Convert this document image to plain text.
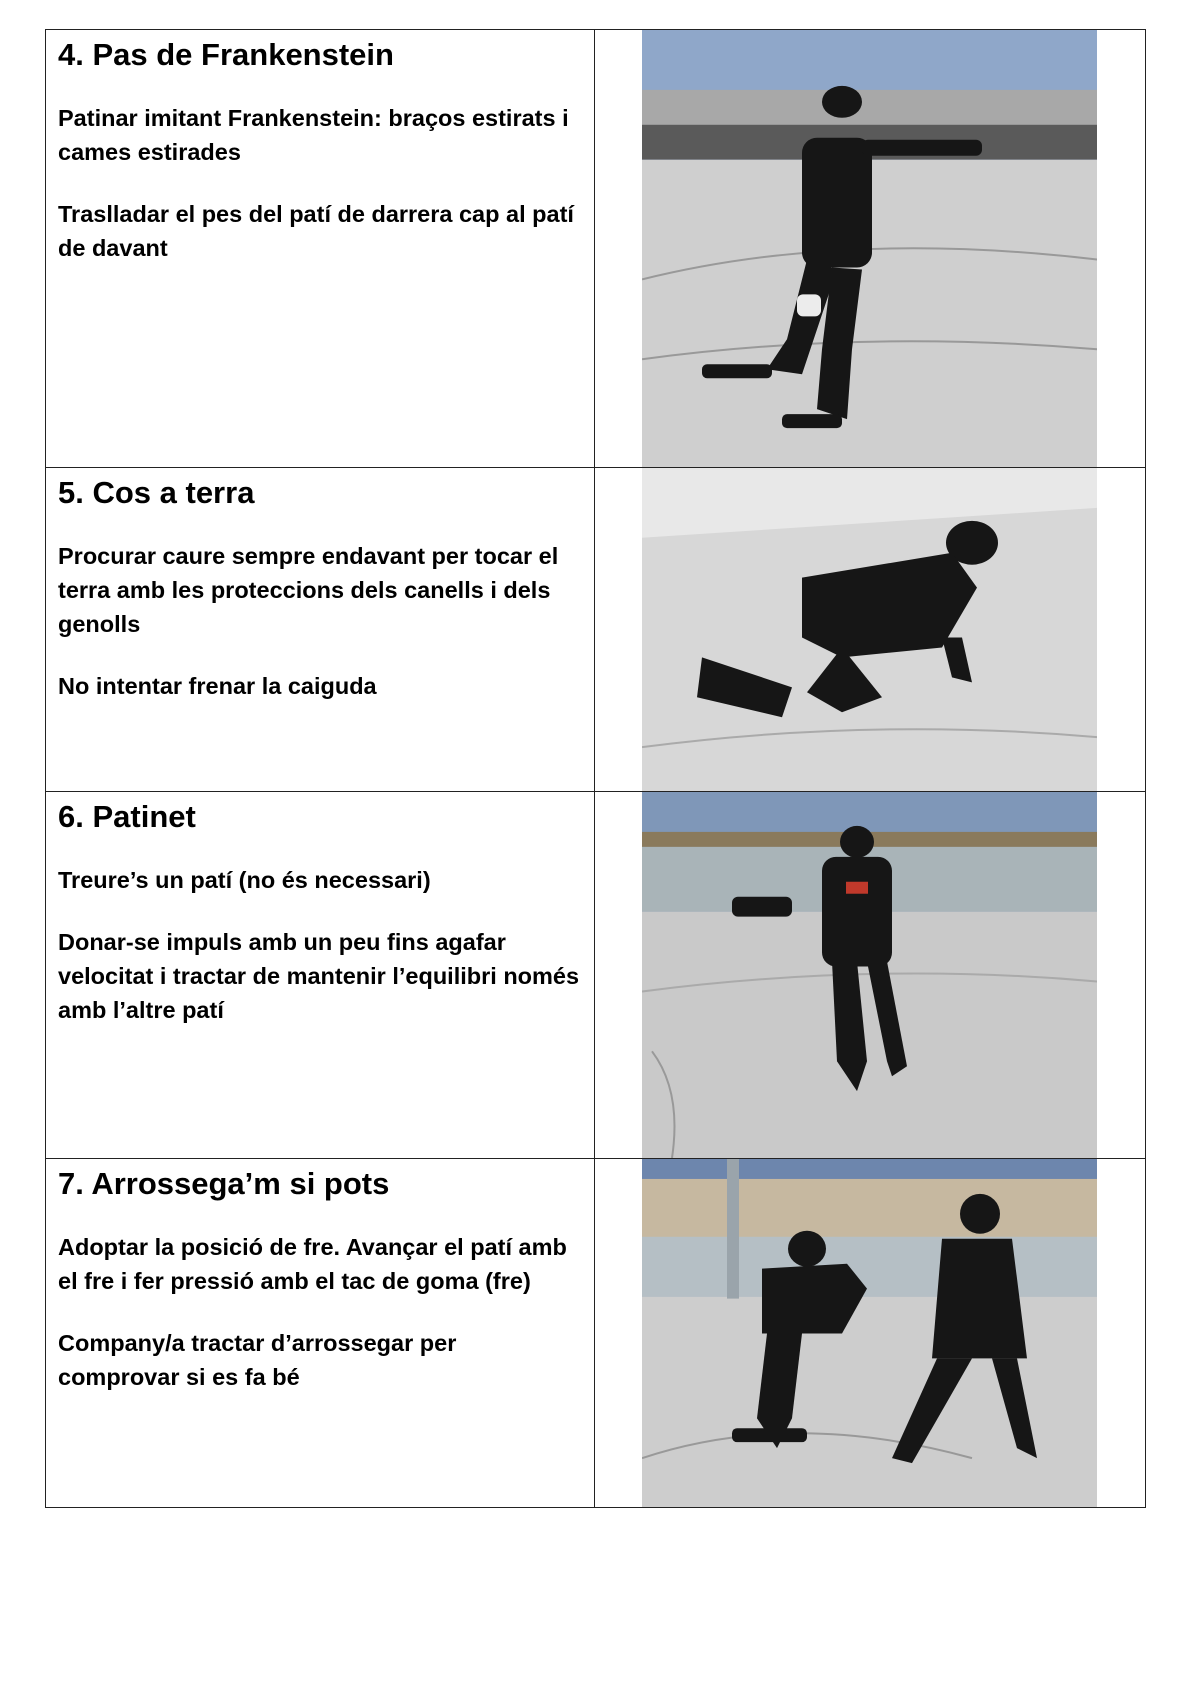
4. Pas de Frankenstein
Patinar imitant Frankenstein: braços estirats i cames estirades
Traslladar el pes del patí de darrera cap al patí de davant

5. Cos a terra
Procurar caure sempre endavant per tocar el terra amb les proteccions dels canells i dels genolls
No intentar frenar la caiguda

6. Patinet
Treure’s un patí (no és necessari)
Donar-se impuls amb un peu fins agafar velocitat i tractar de mantenir l’equilibri només amb l’altre patí

7. Arrossega’m si pots
Adoptar la posició de fre. Avançar el patí amb el fre i fer pressió amb el tac de goma (fre)
Company/a tractar d’arrossegar per comprovar si es fa bé
